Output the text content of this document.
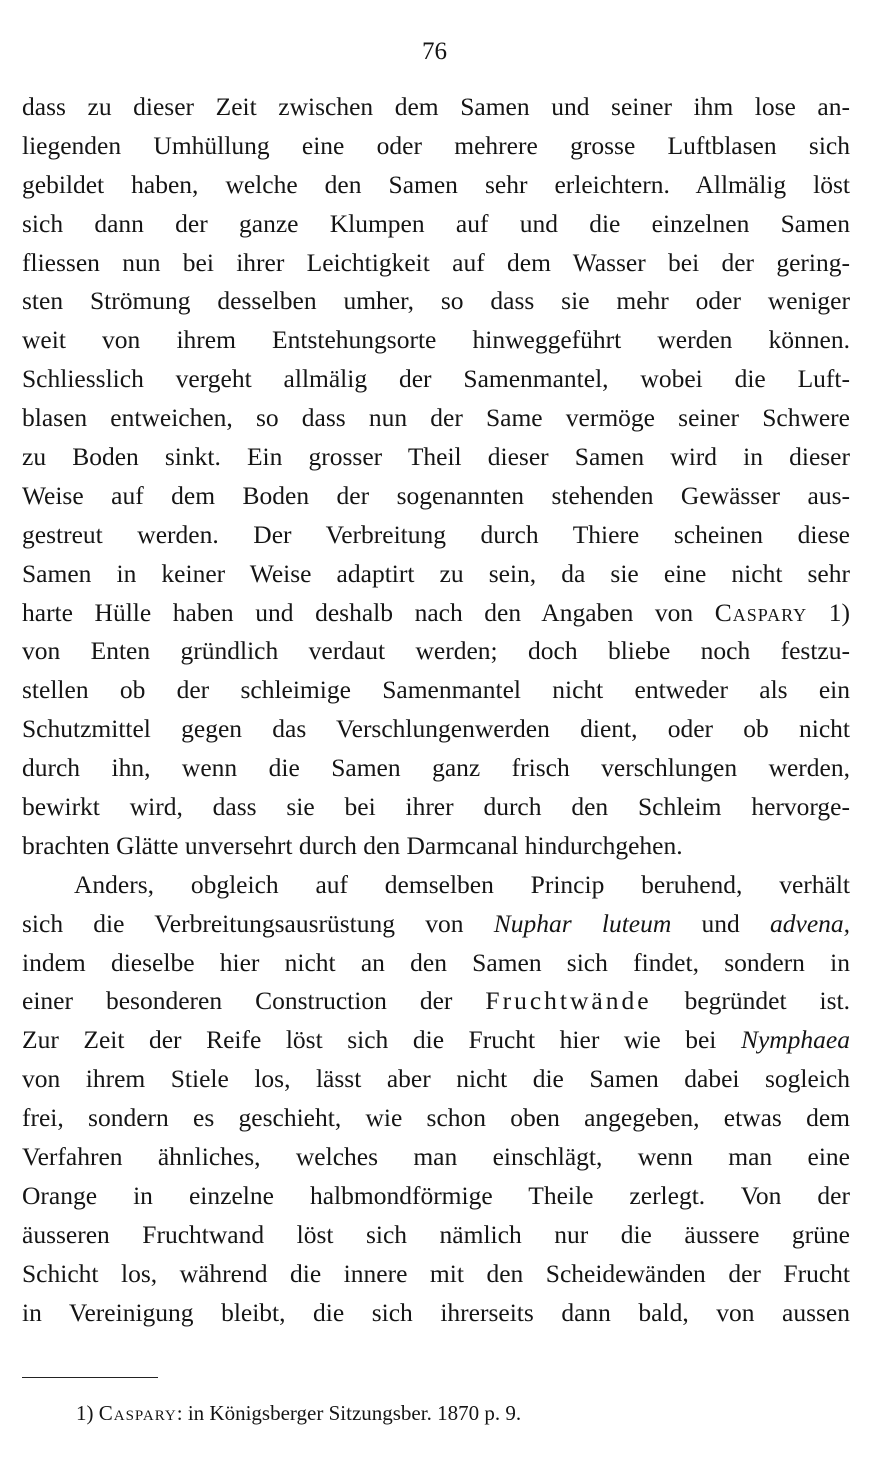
76
dass zu dieser Zeit zwischen dem Samen und seiner ihm lose an-
liegenden Umhüllung eine oder mehrere grosse Luftblasen sich
gebildet haben, welche den Samen sehr erleichtern. Allmälig löst
sich dann der ganze Klumpen auf und die einzelnen Samen
fliessen nun bei ihrer Leichtigkeit auf dem Wasser bei der gering-
sten Strömung desselben umher, so dass sie mehr oder weniger
weit von ihrem Entstehungsorte hinweggeführt werden können.
Schliesslich vergeht allmälig der Samenmantel, wobei die Luft-
blasen entweichen, so dass nun der Same vermöge seiner Schwere
zu Boden sinkt. Ein grosser Theil dieser Samen wird in dieser
Weise auf dem Boden der sogenannten stehenden Gewässer aus-
gestreut werden. Der Verbreitung durch Thiere scheinen diese
Samen in keiner Weise adaptirt zu sein, da sie eine nicht sehr
harte Hülle haben und deshalb nach den Angaben von Caspary 1)
von Enten gründlich verdaut werden; doch bliebe noch festzu-
stellen ob der schleimige Samenmantel nicht entweder als ein
Schutzmittel gegen das Verschlungenwerden dient, oder ob nicht
durch ihn, wenn die Samen ganz frisch verschlungen werden,
bewirkt wird, dass sie bei ihrer durch den Schleim hervorge-
brachten Glätte unversehrt durch den Darmcanal hindurchgehen.
Anders, obgleich auf demselben Princip beruhend, verhält
sich die Verbreitungsausrüstung von Nuphar luteum und advena,
indem dieselbe hier nicht an den Samen sich findet, sondern in
einer besonderen Construction der Fruchtwände begründet ist.
Zur Zeit der Reife löst sich die Frucht hier wie bei Nymphaea
von ihrem Stiele los, lässt aber nicht die Samen dabei sogleich
frei, sondern es geschieht, wie schon oben angegeben, etwas dem
Verfahren ähnliches, welches man einschlägt, wenn man eine
Orange in einzelne halbmondförmige Theile zerlegt. Von der
äusseren Fruchtwand löst sich nämlich nur die äussere grüne
Schicht los, während die innere mit den Scheidewänden der Frucht
in Vereinigung bleibt, die sich ihrerseits dann bald, von aussen
1) Caspary: in Königsberger Sitzungsber. 1870 p. 9.
